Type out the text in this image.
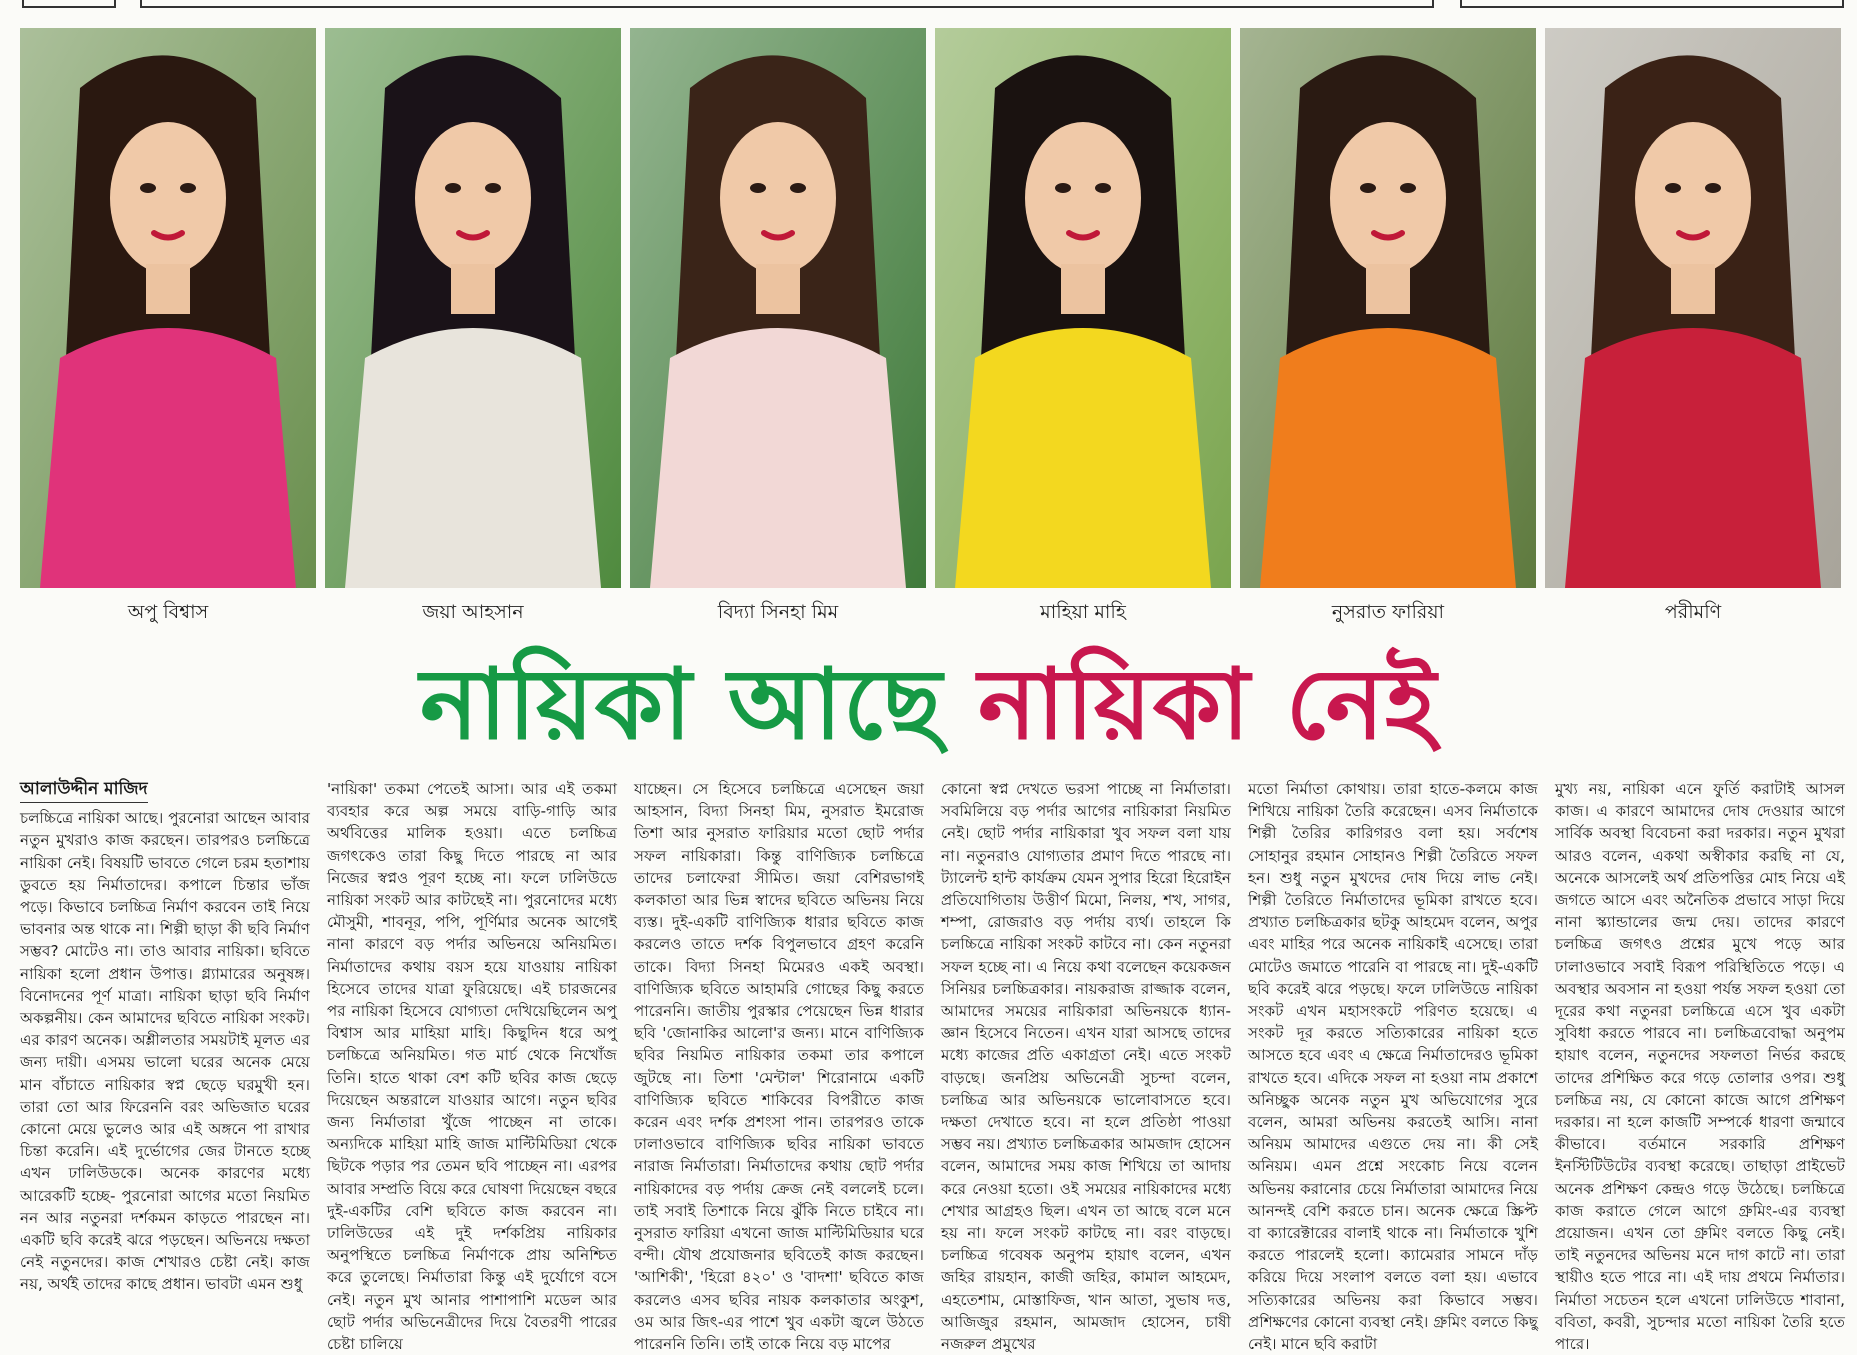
অপু বিশ্বাস	জয়া আহসান	বিদ্যা সিনহা মিম	মাহিয়া মাহি	নুসরাত ফারিয়া	পরীমণি
নায়িকা আছে নায়িকা নেই
আলাউদ্দীন মাজিদ

চলচ্চিত্রে নায়িকা আছে। পুরনোরা আছেন আবার নতুন মুখরাও কাজ করছেন। তারপরও চলচ্চিত্রে নায়িকা নেই। বিষয়টি ভাবতে গেলে চরম হতাশায় ডুবতে হয় নির্মাতাদের। কপালে চিন্তার ভাঁজ পড়ে। কিভাবে চলচ্চিত্র নির্মাণ করবেন তাই নিয়ে ভাবনার অন্ত থাকে না। শিল্পী ছাড়া কী ছবি নির্মাণ সম্ভব? মোটেও না। তাও আবার নায়িকা। ছবিতে নায়িকা হলো প্রধান উপাত্ত। গ্ল্যামারের অনুষঙ্গ। বিনোদনের পূর্ণ মাত্রা। নায়িকা ছাড়া ছবি নির্মাণ অকল্পনীয়। কেন আমাদের ছবিতে নায়িকা সংকট। এর কারণ অনেক। অশ্লীলতার সময়টাই মূলত এর জন্য দায়ী। এসময় ভালো ঘরের অনেক মেয়ে মান বাঁচাতে নায়িকার স্বপ্ন ছেড়ে ঘরমুখী হন। তারা তো আর ফিরেননি বরং অভিজাত ঘরের কোনো মেয়ে ভুলেও আর এই অঙ্গনে পা রাখার চিন্তা করেনি। এই দুর্ভোগের জের টানতে হচ্ছে এখন ঢালিউডকে। অনেক কারণের মধ্যে আরেকটি হচ্ছে- পুরনোরা আগের মতো নিয়মিত নন আর নতুনরা দর্শকমন কাড়তে পারছেন না। একটি ছবি করেই ঝরে পড়ছেন। অভিনয়ে দক্ষতা নেই নতুনদের। কাজ শেখারও চেষ্টা নেই। কাজ নয়, অর্থই তাদের কাছে প্রধান। ভাবটা এমন শুধু

'নায়িকা' তকমা পেতেই আসা। আর এই তকমা ব্যবহার করে অল্প সময়ে বাড়ি-গাড়ি আর অর্থবিত্তের মালিক হওয়া। এতে চলচ্চিত্র জগৎকেও তারা কিছু দিতে পারছে না আর নিজের স্বপ্নও পূরণ হচ্ছে না। ফলে ঢালিউডে নায়িকা সংকট আর কাটছেই না। পুরনোদের মধ্যে মৌসুমী, শাবনূর, পপি, পূর্ণিমার অনেক আগেই নানা কারণে বড় পর্দার অভিনয়ে অনিয়মিত। নির্মাতাদের কথায় বয়স হয়ে যাওয়ায় নায়িকা হিসেবে তাদের যাত্রা ফুরিয়েছে। এই চারজনের পর নায়িকা হিসেবে যোগ্যতা দেখিয়েছিলেন অপু বিশ্বাস আর মাহিয়া মাহি। কিছুদিন ধরে অপু চলচ্চিত্রে অনিয়মিত। গত মার্চ থেকে নিখোঁজ তিনি। হাতে থাকা বেশ কটি ছবির কাজ ছেড়ে দিয়েছেন অন্তরালে যাওয়ার আগে। নতুন ছবির জন্য নির্মাতারা খুঁজে পাচ্ছেন না তাকে। অন্যদিকে মাহিয়া মাহি জাজ মাল্টিমিডিয়া থেকে ছিটকে পড়ার পর তেমন ছবি পাচ্ছেন না। এরপর আবার সম্প্রতি বিয়ে করে ঘোষণা দিয়েছেন বছরে দুই-একটির বেশি ছবিতে কাজ করবেন না। ঢালিউডের এই দুই দর্শকপ্রিয় নায়িকার অনুপস্থিতে চলচ্চিত্র নির্মাণকে প্রায় অনিশ্চিত করে তুলেছে। নির্মাতারা কিন্তু এই দুর্যোগে বসে নেই। নতুন মুখ আনার পাশাপাশি মডেল আর ছোট পর্দার অভিনেত্রীদের দিয়ে বৈতরণী পারের চেষ্টা চালিয়ে

যাচ্ছেন। সে হিসেবে চলচ্চিত্রে এসেছেন জয়া আহসান, বিদ্যা সিনহা মিম, নুসরাত ইমরোজ তিশা আর নুসরাত ফারিয়ার মতো ছোট পর্দার সফল নায়িকারা। কিন্তু বাণিজ্যিক চলচ্চিত্রে তাদের চলাফেরা সীমিত। জয়া বেশিরভাগই কলকাতা আর ভিন্ন স্বাদের ছবিতে অভিনয় নিয়ে ব্যস্ত। দুই-একটি বাণিজ্যিক ধারার ছবিতে কাজ করলেও তাতে দর্শক বিপুলভাবে গ্রহণ করেনি তাকে। বিদ্যা সিনহা মিমেরও একই অবস্থা। বাণিজ্যিক ছবিতে আহামরি গোছের কিছু করতে পারেননি। জাতীয় পুরস্কার পেয়েছেন ভিন্ন ধারার ছবি 'জোনাকির আলো'র জন্য। মানে বাণিজ্যিক ছবির নিয়মিত নায়িকার তকমা তার কপালে জুটছে না। তিশা 'মেন্টাল' শিরোনামে একটি বাণিজ্যিক ছবিতে শাকিবের বিপরীতে কাজ করেন এবং দর্শক প্রশংসা পান। তারপরও তাকে ঢালাওভাবে বাণিজ্যিক ছবির নায়িকা ভাবতে নারাজ নির্মাতারা। নির্মাতাদের কথায় ছোট পর্দার নায়িকাদের বড় পর্দায় ক্রেজ নেই বললেই চলে। তাই সবাই তিশাকে নিয়ে ঝুঁকি নিতে চাইবে না। নুসরাত ফারিয়া এখনো জাজ মাল্টিমিডিয়ার ঘরে বন্দী। যৌথ প্রযোজনার ছবিতেই কাজ করছেন। 'আশিকী', 'হিরো ৪২০' ও 'বাদশা' ছবিতে কাজ করলেও এসব ছবির নায়ক কলকাতার অংকুশ, ওম আর জিৎ-এর পাশে খুব একটা জ্বলে উঠতে পারেননি তিনি। তাই তাকে নিয়ে বড় মাপের

কোনো স্বপ্ন দেখতে ভরসা পাচ্ছে না নির্মাতারা। সবমিলিয়ে বড় পর্দার আগের নায়িকারা নিয়মিত নেই। ছোট পর্দার নায়িকারা খুব সফল বলা যায় না। নতুনরাও যোগ্যতার প্রমাণ দিতে পারছে না। ট্যালেন্ট হান্ট কার্যক্রম যেমন সুপার হিরো হিরোইন প্রতিযোগিতায় উত্তীর্ণ মিমো, নিলয়, শখ, সাগর, শম্পা, রোজরাও বড় পর্দায় ব্যর্থ। তাহলে কি চলচ্চিত্রে নায়িকা সংকট কাটবে না। কেন নতুনরা সফল হচ্ছে না। এ নিয়ে কথা বলেছেন কয়েকজন সিনিয়র চলচ্চিত্রকার। নায়করাজ রাজ্জাক বলেন, আমাদের সময়ের নায়িকারা অভিনয়কে ধ্যান-জ্ঞান হিসেবে নিতেন। এখন যারা আসছে তাদের মধ্যে কাজের প্রতি একাগ্রতা নেই। এতে সংকট বাড়ছে। জনপ্রিয় অভিনেত্রী সুচন্দা বলেন, চলচ্চিত্র আর অভিনয়কে ভালোবাসতে হবে। দক্ষতা দেখাতে হবে। না হলে প্রতিষ্ঠা পাওয়া সম্ভব নয়। প্রখ্যাত চলচ্চিত্রকার আমজাদ হোসেন বলেন, আমাদের সময় কাজ শিখিয়ে তা আদায় করে নেওয়া হতো। ওই সময়ের নায়িকাদের মধ্যে শেখার আগ্রহও ছিল। এখন তা আছে বলে মনে হয় না। ফলে সংকট কাটছে না। বরং বাড়ছে। চলচ্চিত্র গবেষক অনুপম হায়াৎ বলেন, এখন জহির রায়হান, কাজী জহির, কামাল আহমেদ, এহতেশাম, মোস্তাফিজ, খান আতা, সুভাষ দত্ত, আজিজুর রহমান, আমজাদ হোসেন, চাষী নজরুল প্রমুখের

মতো নির্মাতা কোথায়। তারা হাতে-কলমে কাজ শিখিয়ে নায়িকা তৈরি করেছেন। এসব নির্মাতাকে শিল্পী তৈরির কারিগরও বলা হয়। সর্বশেষ সোহানুর রহমান সোহানও শিল্পী তৈরিতে সফল হন। শুধু নতুন মুখদের দোষ দিয়ে লাভ নেই। শিল্পী তৈরিতে নির্মাতাদের ভূমিকা রাখতে হবে। প্রখ্যাত চলচ্চিত্রকার ছটকু আহমেদ বলেন, অপুর এবং মাহির পরে অনেক নায়িকাই এসেছে। তারা মোটেও জমাতে পারেনি বা পারছে না। দুই-একটি ছবি করেই ঝরে পড়ছে। ফলে ঢালিউডে নায়িকা সংকট এখন মহাসংকটে পরিণত হয়েছে। এ সংকট দূর করতে সত্যিকারের নায়িকা হতে আসতে হবে এবং এ ক্ষেত্রে নির্মাতাদেরও ভূমিকা রাখতে হবে। এদিকে সফল না হওয়া নাম প্রকাশে অনিচ্ছুক অনেক নতুন মুখ অভিযোগের সুরে বলেন, আমরা অভিনয় করতেই আসি। নানা অনিয়ম আমাদের এগুতে দেয় না। কী সেই অনিয়ম। এমন প্রশ্নে সংকোচ নিয়ে বলেন অভিনয় করানোর চেয়ে নির্মাতারা আমাদের নিয়ে আনন্দই বেশি করতে চান। অনেক ক্ষেত্রে স্ক্রিপ্ট বা ক্যারেক্টারের বালাই থাকে না। নির্মাতাকে খুশি করতে পারলেই হলো। ক্যামেরার সামনে দাঁড় করিয়ে দিয়ে সংলাপ বলতে বলা হয়। এভাবে সত্যিকারের অভিনয় করা কিভাবে সম্ভব। প্রশিক্ষণের কোনো ব্যবস্থা নেই। গ্রুমিং বলতে কিছু নেই। মানে ছবি করাটা

মুখ্য নয়, নায়িকা এনে ফুর্তি করাটাই আসল কাজ। এ কারণে আমাদের দোষ দেওয়ার আগে সার্বিক অবস্থা বিবেচনা করা দরকার। নতুন মুখরা আরও বলেন, একথা অস্বীকার করছি না যে, অনেকে আসলেই অর্থ প্রতিপত্তির মোহ নিয়ে এই জগতে আসে এবং অনৈতিক প্রভাবে সাড়া দিয়ে নানা স্ক্যান্ডালের জন্ম দেয়। তাদের কারণে চলচ্চিত্র জগৎও প্রশ্নের মুখে পড়ে আর ঢালাওভাবে সবাই বিরূপ পরিস্থিতিতে পড়ে। এ অবস্থার অবসান না হওয়া পর্যন্ত সফল হওয়া তো দূরের কথা নতুনরা চলচ্চিত্রে এসে খুব একটা সুবিধা করতে পারবে না। চলচ্চিত্রবোদ্ধা অনুপম হায়াৎ বলেন, নতুনদের সফলতা নির্ভর করছে তাদের প্রশিক্ষিত করে গড়ে তোলার ওপর। শুধু চলচ্চিত্র নয়, যে কোনো কাজে আগে প্রশিক্ষণ দরকার। না হলে কাজটি সম্পর্কে ধারণা জন্মাবে কীভাবে। বর্তমানে সরকারি প্রশিক্ষণ ইনস্টিটিউটের ব্যবস্থা করেছে। তাছাড়া প্রাইভেট অনেক প্রশিক্ষণ কেন্দ্রও গড়ে উঠেছে। চলচ্চিত্রে কাজ করাতে গেলে আগে গ্রুমিং-এর ব্যবস্থা প্রয়োজন। এখন তো গ্রুমিং বলতে কিছু নেই। তাই নতুনদের অভিনয় মনে দাগ কাটে না। তারা স্থায়ীও হতে পারে না। এই দায় প্রথমে নির্মাতার। নির্মাতা সচেতন হলে এখনো ঢালিউডে শাবানা, ববিতা, কবরী, সুচন্দার মতো নায়িকা তৈরি হতে পারে।
